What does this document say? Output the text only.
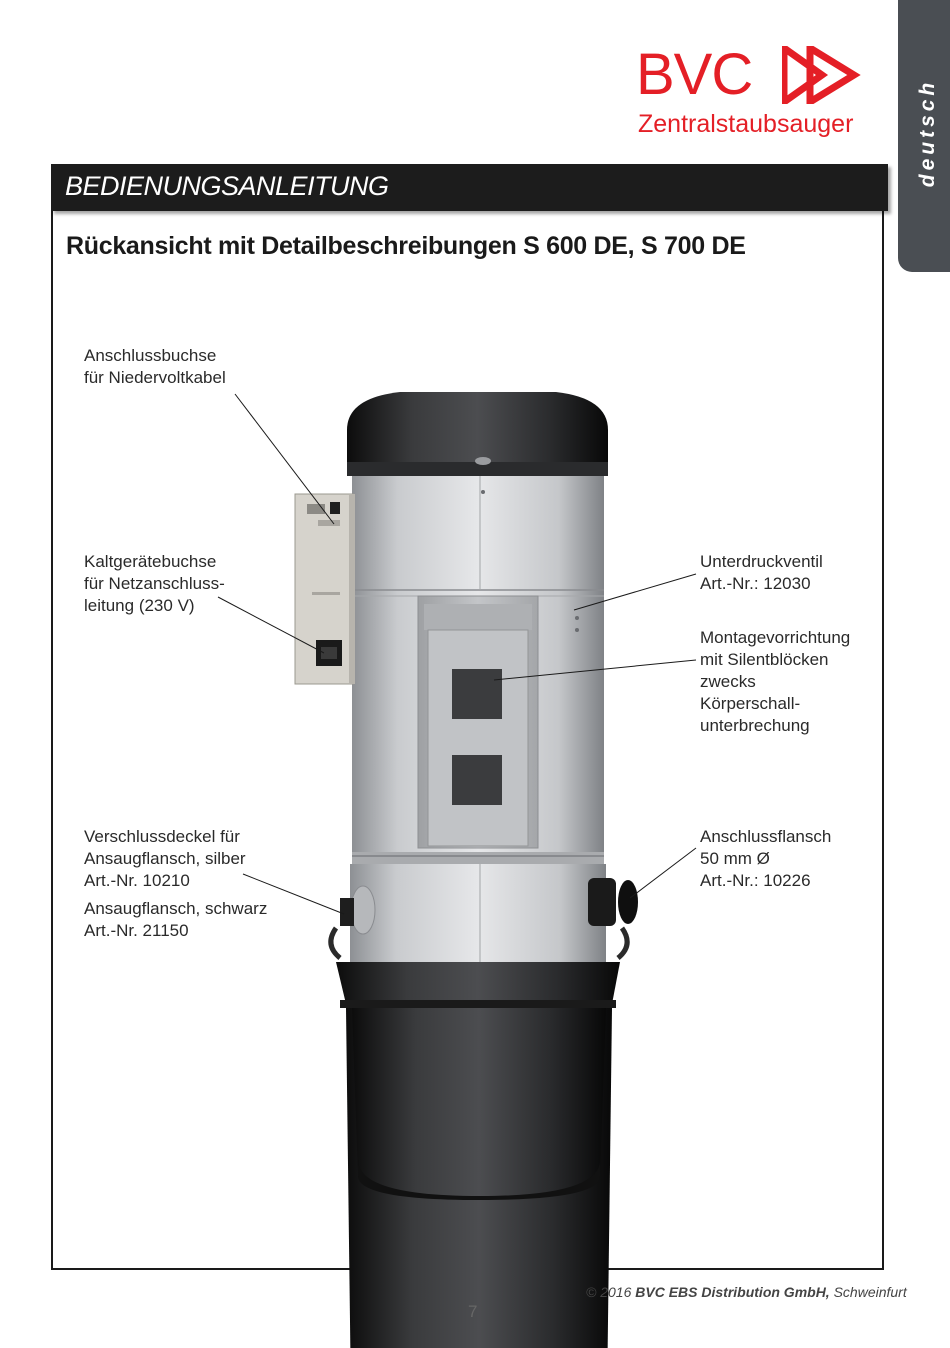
BVC
Zentralstaubsauger	deutsch
BEDIENUNGSANLEITUNG
Rückansicht mit Detailbeschreibungen S 600 DE, S 700 DE
Anschlussbuchse
für Niedervoltkabel
Kaltgerätebuchse
für Netzanschluss-
leitung (230 V)
Verschlussdeckel für
Ansaugflansch, silber
Art.-Nr. 10210
Ansaugflansch, schwarz
Art.-Nr. 21150
Unterdruckventil
Art.-Nr.: 12030
Montagevorrichtung
mit Silentblöcken
zwecks
Körperschall-
unterbrechung
Anschlussflansch
50 mm Ø
Art.-Nr.: 10226
© 2016 BVC EBS Distribution GmbH, Schweinfurt
7
